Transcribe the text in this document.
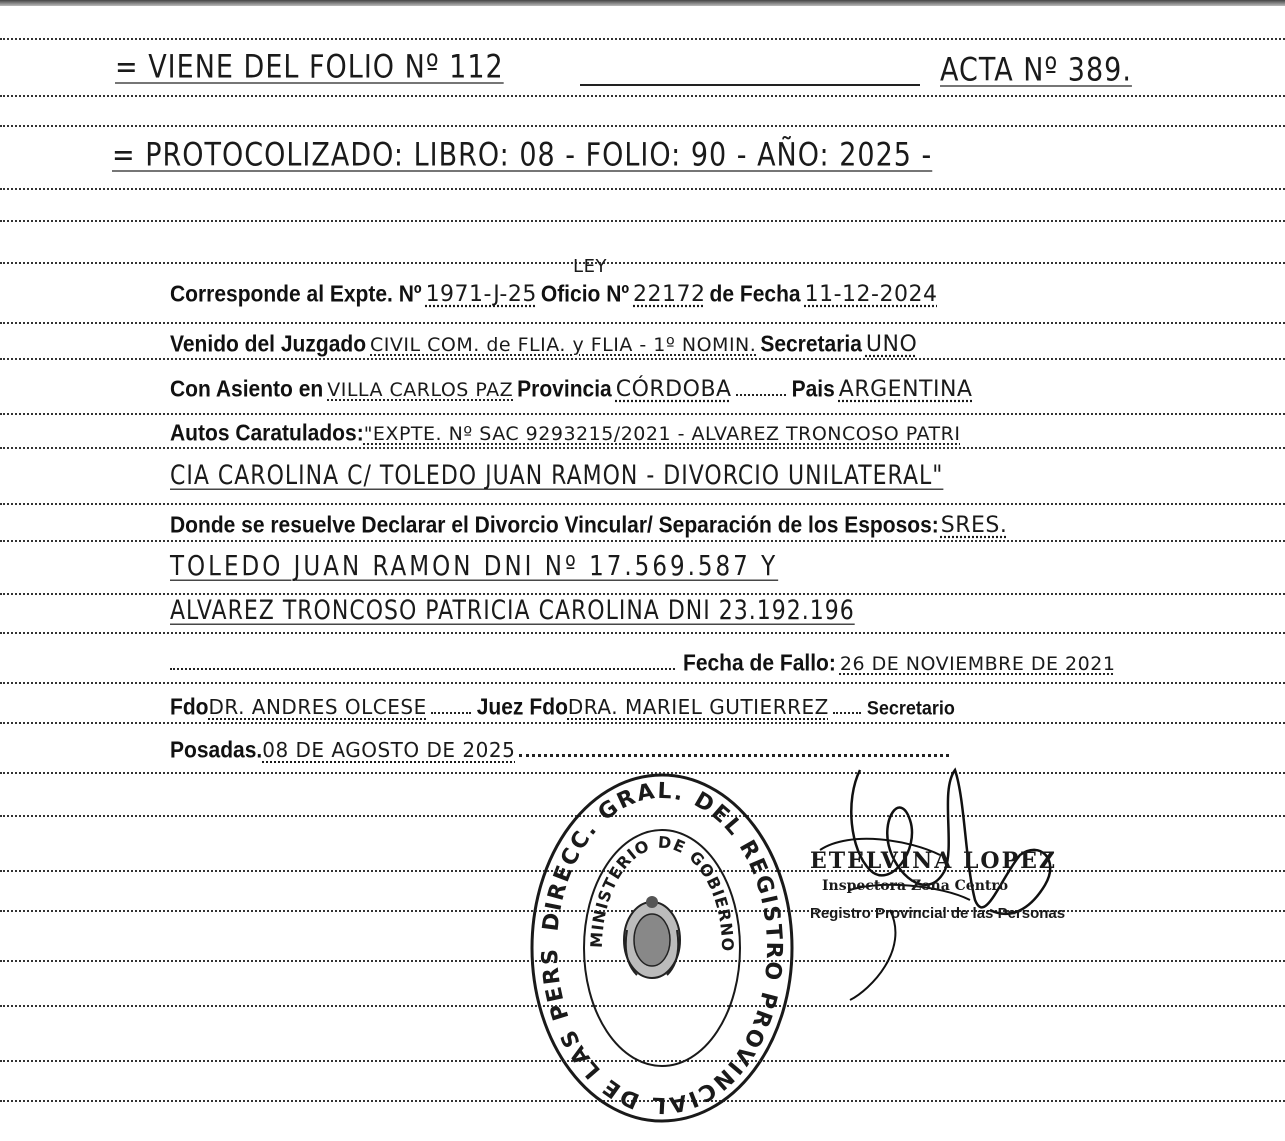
= VIENE DEL FOLIO Nº 112	ACTA Nº 389.
= PROTOCOLIZADO: LIBRO: 08 - FOLIO: 90 - AÑO: 2025 -
Corresponde al Expte. Nº 1971-J-25 Oficio Nº
LEY
22172 de Fecha 11-12-2024
Venido del Juzgado CIVIL COM. de FLIA. y FLIA - 1º NOMIN. Secretaria UNO
Con Asiento en VILLA CARLOS PAZ Provincia CÓRDOBA	Pais ARGENTINA
Autos Caratulados: "EXPTE. Nº SAC 9293215/2021 - ALVAREZ TRONCOSO PATRI
CIA CAROLINA C/ TOLEDO JUAN RAMON - DIVORCIO UNILATERAL"
Donde se resuelve Declarar el Divorcio Vincular/ Separación de los Esposos: SRES.
TOLEDO JUAN RAMON DNI Nº 17.569.587 Y
ALVAREZ TRONCOSO PATRICIA CAROLINA DNI 23.192.196
Fecha de Fallo: 26 DE NOVIEMBRE DE 2021
Fdo DR. ANDRES OLCESE Juez Fdo DRA. MARIEL GUTIERREZ Secretario
Posadas. 08 DE AGOSTO DE 2025
DIRECC. GRAL. DEL REGISTRO PROVINCIAL DE LAS PERS
MINISTERIO DE GOBIERNO
ETELVINA LOPEZ
Inspectora Zona Centro
Registro Provincial de las Personas
